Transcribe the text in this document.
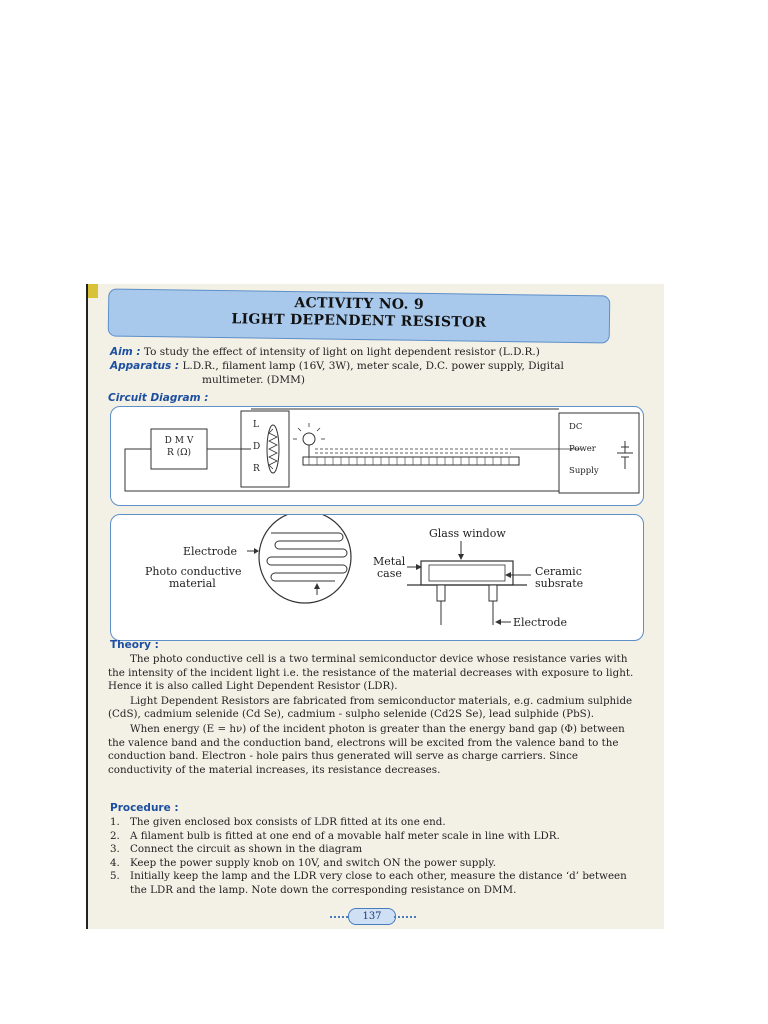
ACTIVITY NO. 9
LIGHT DEPENDENT RESISTOR
Aim : To study the effect of intensity of light on light dependent resistor (L.D.R.)
Apparatus : L.D.R., filament lamp (16V, 3W), meter scale, D.C. power supply, Digital
multimeter. (DMM)
Circuit Diagram :
D M V
R (Ω)
L
D
R
DC
Power
Supply
Electrode
Photo conductive
material
Glass window
Metal
case	Ceramic
subsrate
Electrode
Theory :

The photo conductive cell is a two terminal semiconductor device whose resistance varies with the intensity of the incident light i.e. the resistance of the material decreases with exposure to light. Hence it is also called Light Dependent Resistor (LDR).

Light Dependent Resistors are fabricated from semiconductor materials, e.g. cadmium sulphide (CdS), cadmium selenide (Cd Se), cadmium - sulpho selenide (Cd2S Se), lead sulphide (PbS).

When energy (E = hν) of the incident photon is greater than the energy band gap (Φ) between the valence band and the conduction band, electrons will be excited from the valence band to the conduction band. Electron - hole pairs thus generated will serve as charge carriers. Since conductivity of the material increases, its resistance decreases.

Procedure :
1. The given enclosed box consists of LDR fitted at its one end.
2. A filament bulb is fitted at one end of a movable half meter scale in line with LDR.
3. Connect the circuit as shown in the diagram
4. Keep the power supply knob on 10V, and switch ON the power supply.
5. Initially keep the lamp and the LDR very close to each other, measure the distance ‘d’ between the LDR and the lamp. Note down the corresponding resistance on DMM.
137
